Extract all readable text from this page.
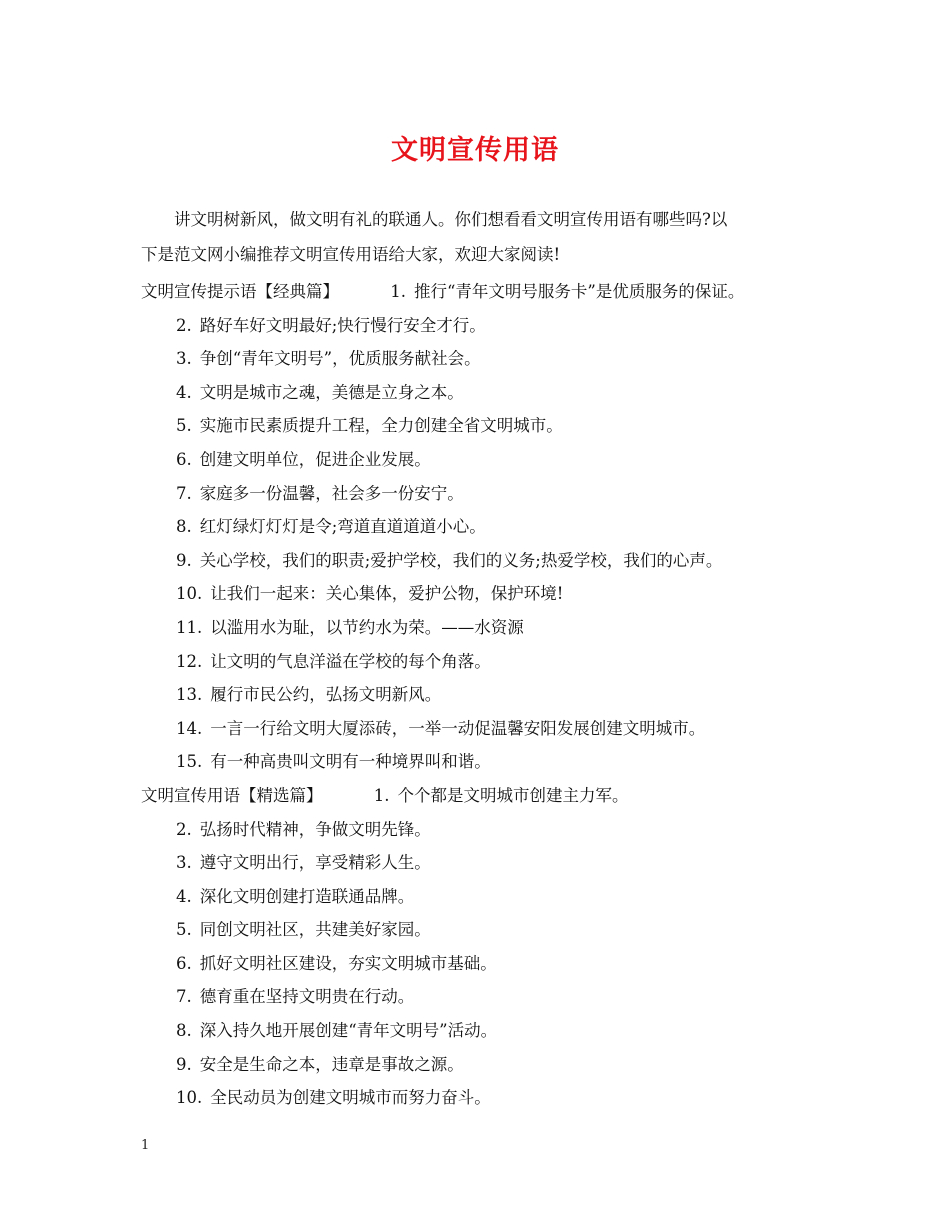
文明宣传用语

讲文明树新风，做文明有礼的联通人。你们想看看文明宣传用语有哪些吗?以

下是范文网小编推荐文明宣传用语给大家，欢迎大家阅读!

文明宣传提示语【经典篇】	1. 推行“青年文明号服务卡”是优质服务的保证。
2. 路好车好文明最好;快行慢行安全才行。
3. 争创“青年文明号”，优质服务献社会。
4. 文明是城市之魂，美德是立身之本。
5. 实施市民素质提升工程，全力创建全省文明城市。
6. 创建文明单位，促进企业发展。
7. 家庭多一份温馨，社会多一份安宁。
8. 红灯绿灯灯灯是令;弯道直道道道小心。
9. 关心学校，我们的职责;爱护学校，我们的义务;热爱学校，我们的心声。
10. 让我们一起来：关心集体，爱护公物，保护环境!
11. 以滥用水为耻，以节约水为荣。——水资源
12. 让文明的气息洋溢在学校的每个角落。
13. 履行市民公约，弘扬文明新风。
14. 一言一行给文明大厦添砖，一举一动促温馨安阳发展创建文明城市。
15. 有一种高贵叫文明有一种境界叫和谐。
文明宣传用语【精选篇】	1. 个个都是文明城市创建主力军。
2. 弘扬时代精神，争做文明先锋。
3. 遵守文明出行，享受精彩人生。
4. 深化文明创建打造联通品牌。
5. 同创文明社区，共建美好家园。
6. 抓好文明社区建设，夯实文明城市基础。
7. 德育重在坚持文明贵在行动。
8. 深入持久地开展创建“青年文明号”活动。
9. 安全是生命之本，违章是事故之源。
10. 全民动员为创建文明城市而努力奋斗。
1
